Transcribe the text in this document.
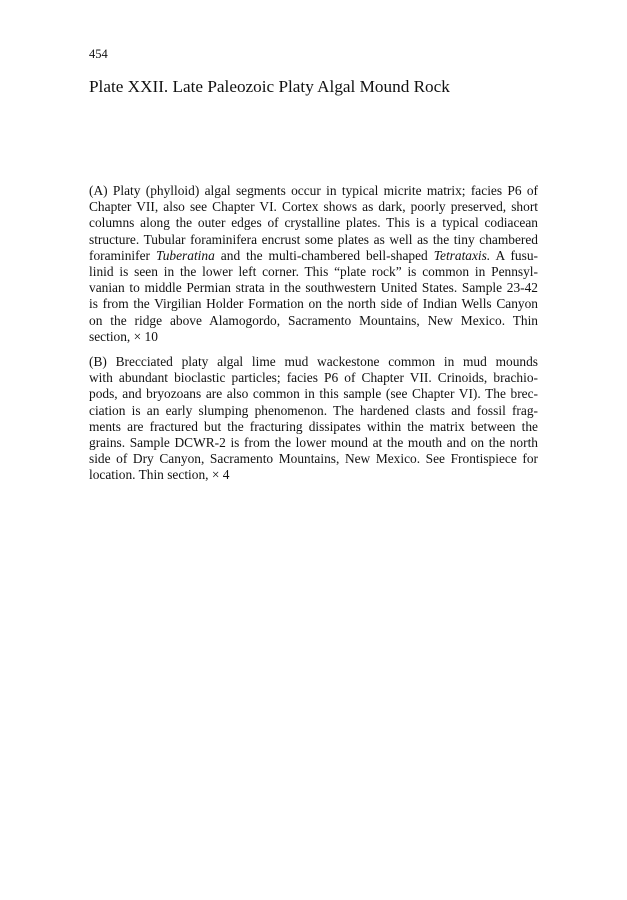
454
Plate XXII. Late Paleozoic Platy Algal Mound Rock
(A) Platy (phylloid) algal segments occur in typical micrite matrix; facies P6 of
Chapter VII, also see Chapter VI. Cortex shows as dark, poorly preserved, short
columns along the outer edges of crystalline plates. This is a typical codiacean
structure. Tubular foraminifera encrust some plates as well as the tiny chambered
foraminifer Tuberatina and the multi-chambered bell-shaped Tetrataxis. A fusu-
linid is seen in the lower left corner. This “plate rock” is common in Pennsyl-
vanian to middle Permian strata in the southwestern United States. Sample 23-42
is from the Virgilian Holder Formation on the north side of Indian Wells Canyon
on the ridge above Alamogordo, Sacramento Mountains, New Mexico. Thin
section, × 10
(B) Brecciated platy algal lime mud wackestone common in mud mounds
with abundant bioclastic particles; facies P6 of Chapter VII. Crinoids, brachio-
pods, and bryozoans are also common in this sample (see Chapter VI). The brec-
ciation is an early slumping phenomenon. The hardened clasts and fossil frag-
ments are fractured but the fracturing dissipates within the matrix between the
grains. Sample DCWR-2 is from the lower mound at the mouth and on the north
side of Dry Canyon, Sacramento Mountains, New Mexico. See Frontispiece for
location. Thin section, × 4
